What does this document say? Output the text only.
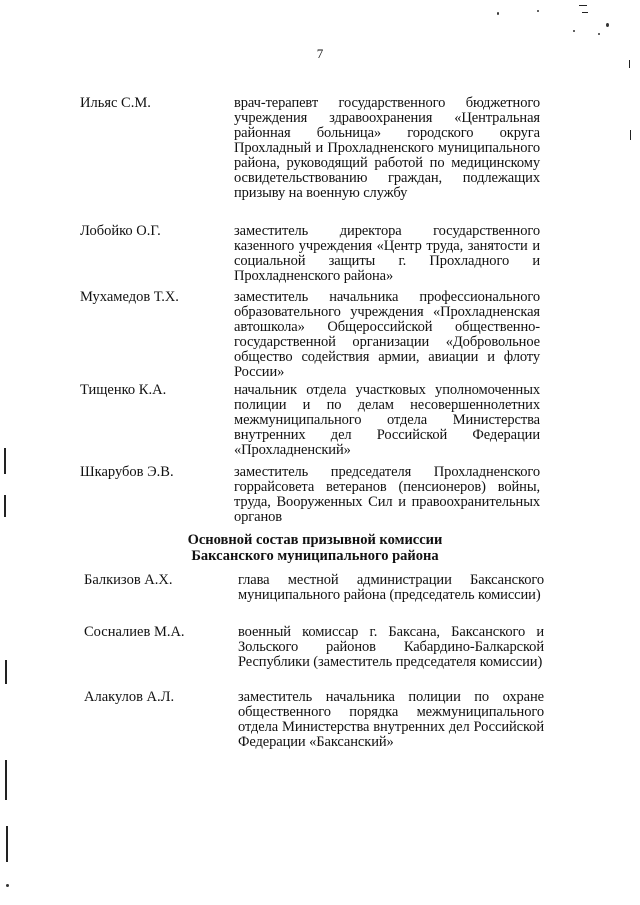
7
Ильяс С.М.	врач-терапевт государственного бюджетного учреждения здравоохранения «Центральная районная больница» городского округа Прохладный и Прохладненского муниципального района, руководящий работой по медицинскому освидетельствованию граждан, подлежащих призыву на военную службу
Лобойко О.Г.	заместитель директора государственного казенного учреждения «Центр труда, занятости и социальной защиты г. Прохладного и Прохладненского района»
Мухамедов Т.Х.	заместитель начальника профессионального образовательного учреждения «Прохладненская автошкола» Общероссийской общественно-государственной организации «Добровольное общество содействия армии, авиации и флоту России»
Тищенко К.А.	начальник отдела участковых уполномоченных полиции и по делам несовершеннолетних межмуниципального отдела Министерства внутренних дел Российской Федерации «Прохладненский»
Шкарубов Э.В.	заместитель председателя Прохладненского горрайсовета ветеранов (пенсионеров) войны, труда, Вооруженных Сил и правоохранительных органов
Основной состав призывной комиссии
Баксанского муниципального района
Балкизов А.Х.	глава местной администрации Баксанского муниципального района (председатель комиссии)
Сосналиев М.А.	военный комиссар г. Баксана, Баксанского и Зольского районов Кабардино-Балкарской Республики (заместитель председателя комиссии)
Алакулов А.Л.	заместитель начальника полиции по охране общественного порядка межмуниципального отдела Министерства внутренних дел Российской Федерации «Баксанский»
